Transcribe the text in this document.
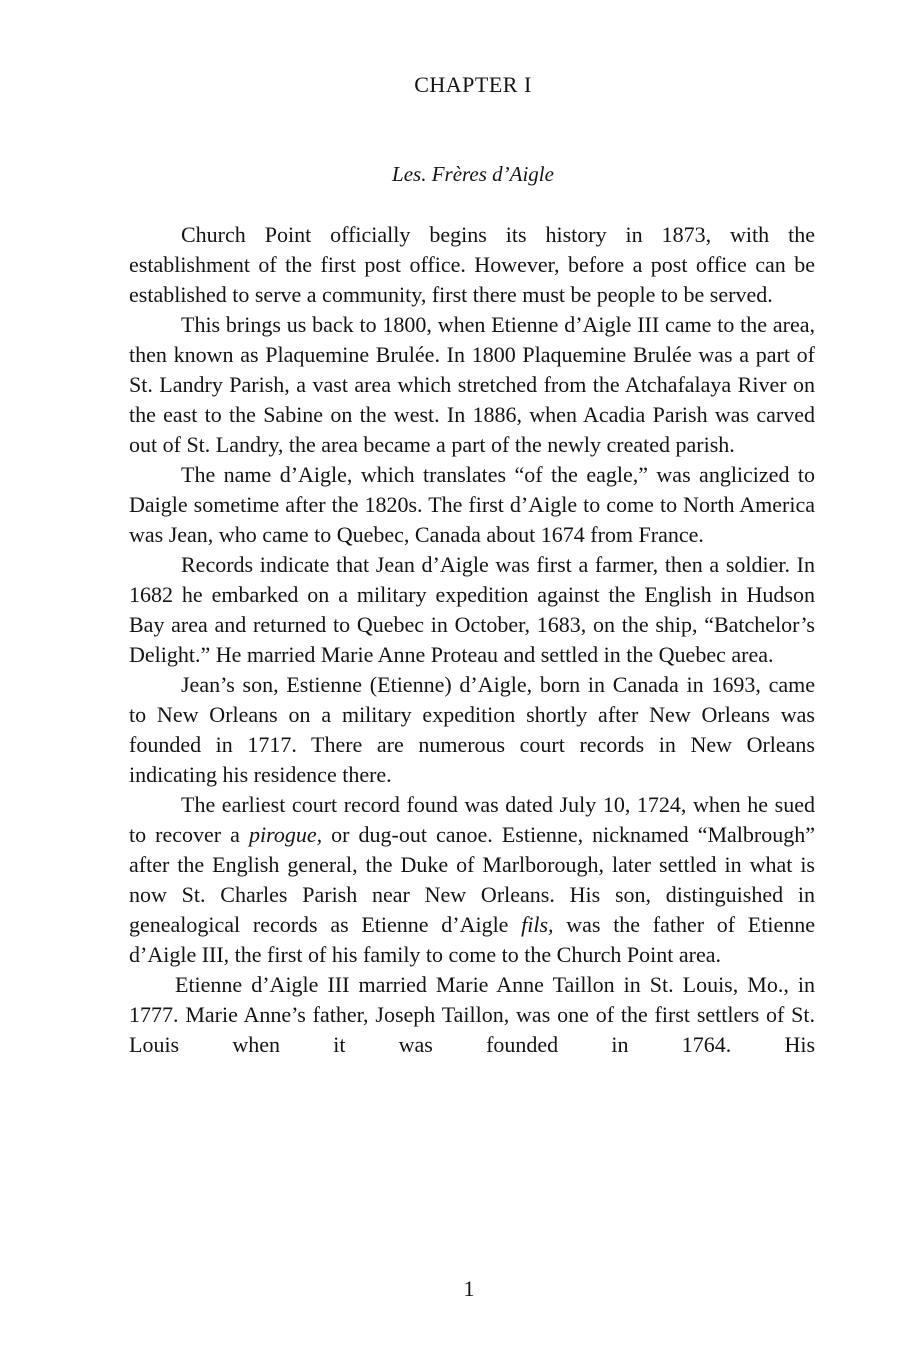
CHAPTER I
Les. Frères d’Aigle

Church Point officially begins its history in 1873, with the establishment of the first post office. However, before a post office can be established to serve a community, first there must be people to be served.

This brings us back to 1800, when Etienne d’Aigle III came to the area, then known as Plaquemine Brulée. In 1800 Plaquemine Brulée was a part of St. Landry Parish, a vast area which stretched from the Atchafalaya River on the east to the Sabine on the west. In 1886, when Acadia Parish was carved out of St. Landry, the area became a part of the newly created parish.

The name d’Aigle, which translates “of the eagle,” was anglicized to Daigle sometime after the 1820s. The first d’Aigle to come to North America was Jean, who came to Quebec, Canada about 1674 from France.

Records indicate that Jean d’Aigle was first a farmer, then a soldier. In 1682 he embarked on a military expedition against the English in Hudson Bay area and returned to Quebec in October, 1683, on the ship, “Batchelor’s Delight.” He married Marie Anne Proteau and settled in the Quebec area.

Jean’s son, Estienne (Etienne) d’Aigle, born in Canada in 1693, came to New Orleans on a military expedition shortly after New Orleans was founded in 1717. There are numerous court records in New Orleans indicating his residence there.

The earliest court record found was dated July 10, 1724, when he sued to recover a pirogue, or dug-out canoe. Estienne, nicknamed “Malbrough” after the English general, the Duke of Marlborough, later settled in what is now St. Charles Parish near New Orleans. His son, distinguished in genealogical records as Etienne d’Aigle fils, was the father of Etienne d’Aigle III, the first of his family to come to the Church Point area.

Etienne d’Aigle III married Marie Anne Taillon in St. Louis, Mo., in 1777. Marie Anne’s father, Joseph Taillon, was one of the first settlers of St. Louis when it was founded in 1764. His

1
